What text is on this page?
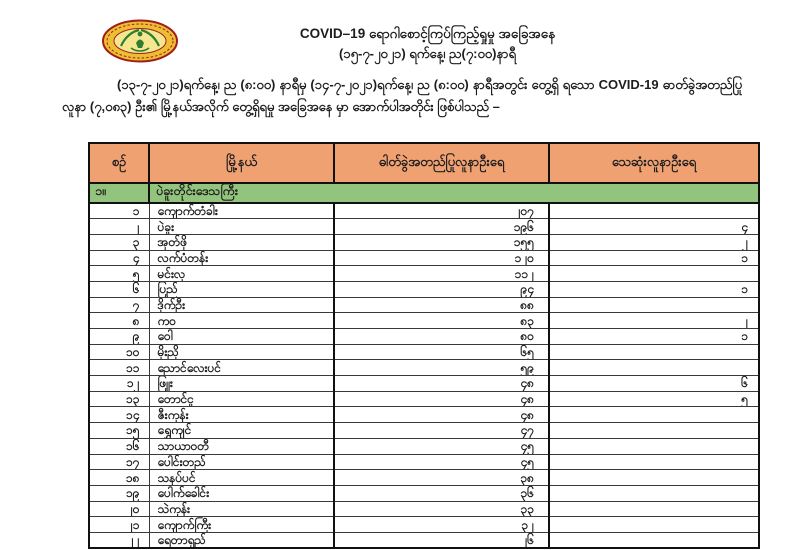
COVID–19 ရောဂါစောင့်ကြပ်ကြည့်ရှုမှု အခြေအနေ
(၁၅-၇-၂၀၂၁) ရက်နေ့၊ ည(၇:၀၀)နာရီ

(၁၃-၇-၂၀၂၁)ရက်နေ့၊ ည (၈:၀၀) နာရီမှ (၁၄-၇-၂၀၂၁)ရက်နေ့၊ ည (၈:၀၀) နာရီအတွင်း တွေ့ရှိ ရသော COVID-19 ဓာတ်ခွဲအတည်ပြုလူနာ (၇,၀၈၃) ဦး၏ မြို့နယ်အလိုက် တွေ့ရှိရမှု အခြေအနေ မှာ အောက်ပါအတိုင်း ဖြစ်ပါသည် –

စဉ်	မြို့နယ်	ဓါတ်ခွဲအတည်ပြုလူနာဦးရေ	သေဆုံးလူနာဦးရေ
၁။	ပဲခူးတိုင်းဒေသကြီး		
၁	ကျောက်တံခါး	၂၀၇	
၂	ပဲခူး	၁၉၆	၄
၃	အုတ်ဖို	၁၅၅	၂
၄	လက်ပံတန်း	၁၂၀	၁
၅	မင်းလှ	၁၁၂	
၆	ပြည်	၉၄	၁
၇	ဒိုက်ဦး	၈၈	
၈	ကဝ	၈၃	၂
၉	ဝေါ	၈၀	၁
၁၀	မိုးညို	၆၅	
၁၁	ညောင်လေးပင်	၅၉	
၁၂	ဖြူး	၄၈	၆
၁၃	တောင်ငူ	၄၈	၅
၁၄	ဇီးကုန်း	၄၈	
၁၅	ရွှေကျင်	၄၇	
၁၆	သာယာဝတီ	၄၅	
၁၇	ပေါင်းတည်	၄၅	
၁၈	သနပ်ပင်	၃၈	
၁၉	ပေါက်ခေါင်း	၃၆	
၂၀	သဲကုန်း	၃၃	
၂၁	ကျောက်ကြီး	၃၂	
၂၂	ရေတာရှည်	၂၆	
